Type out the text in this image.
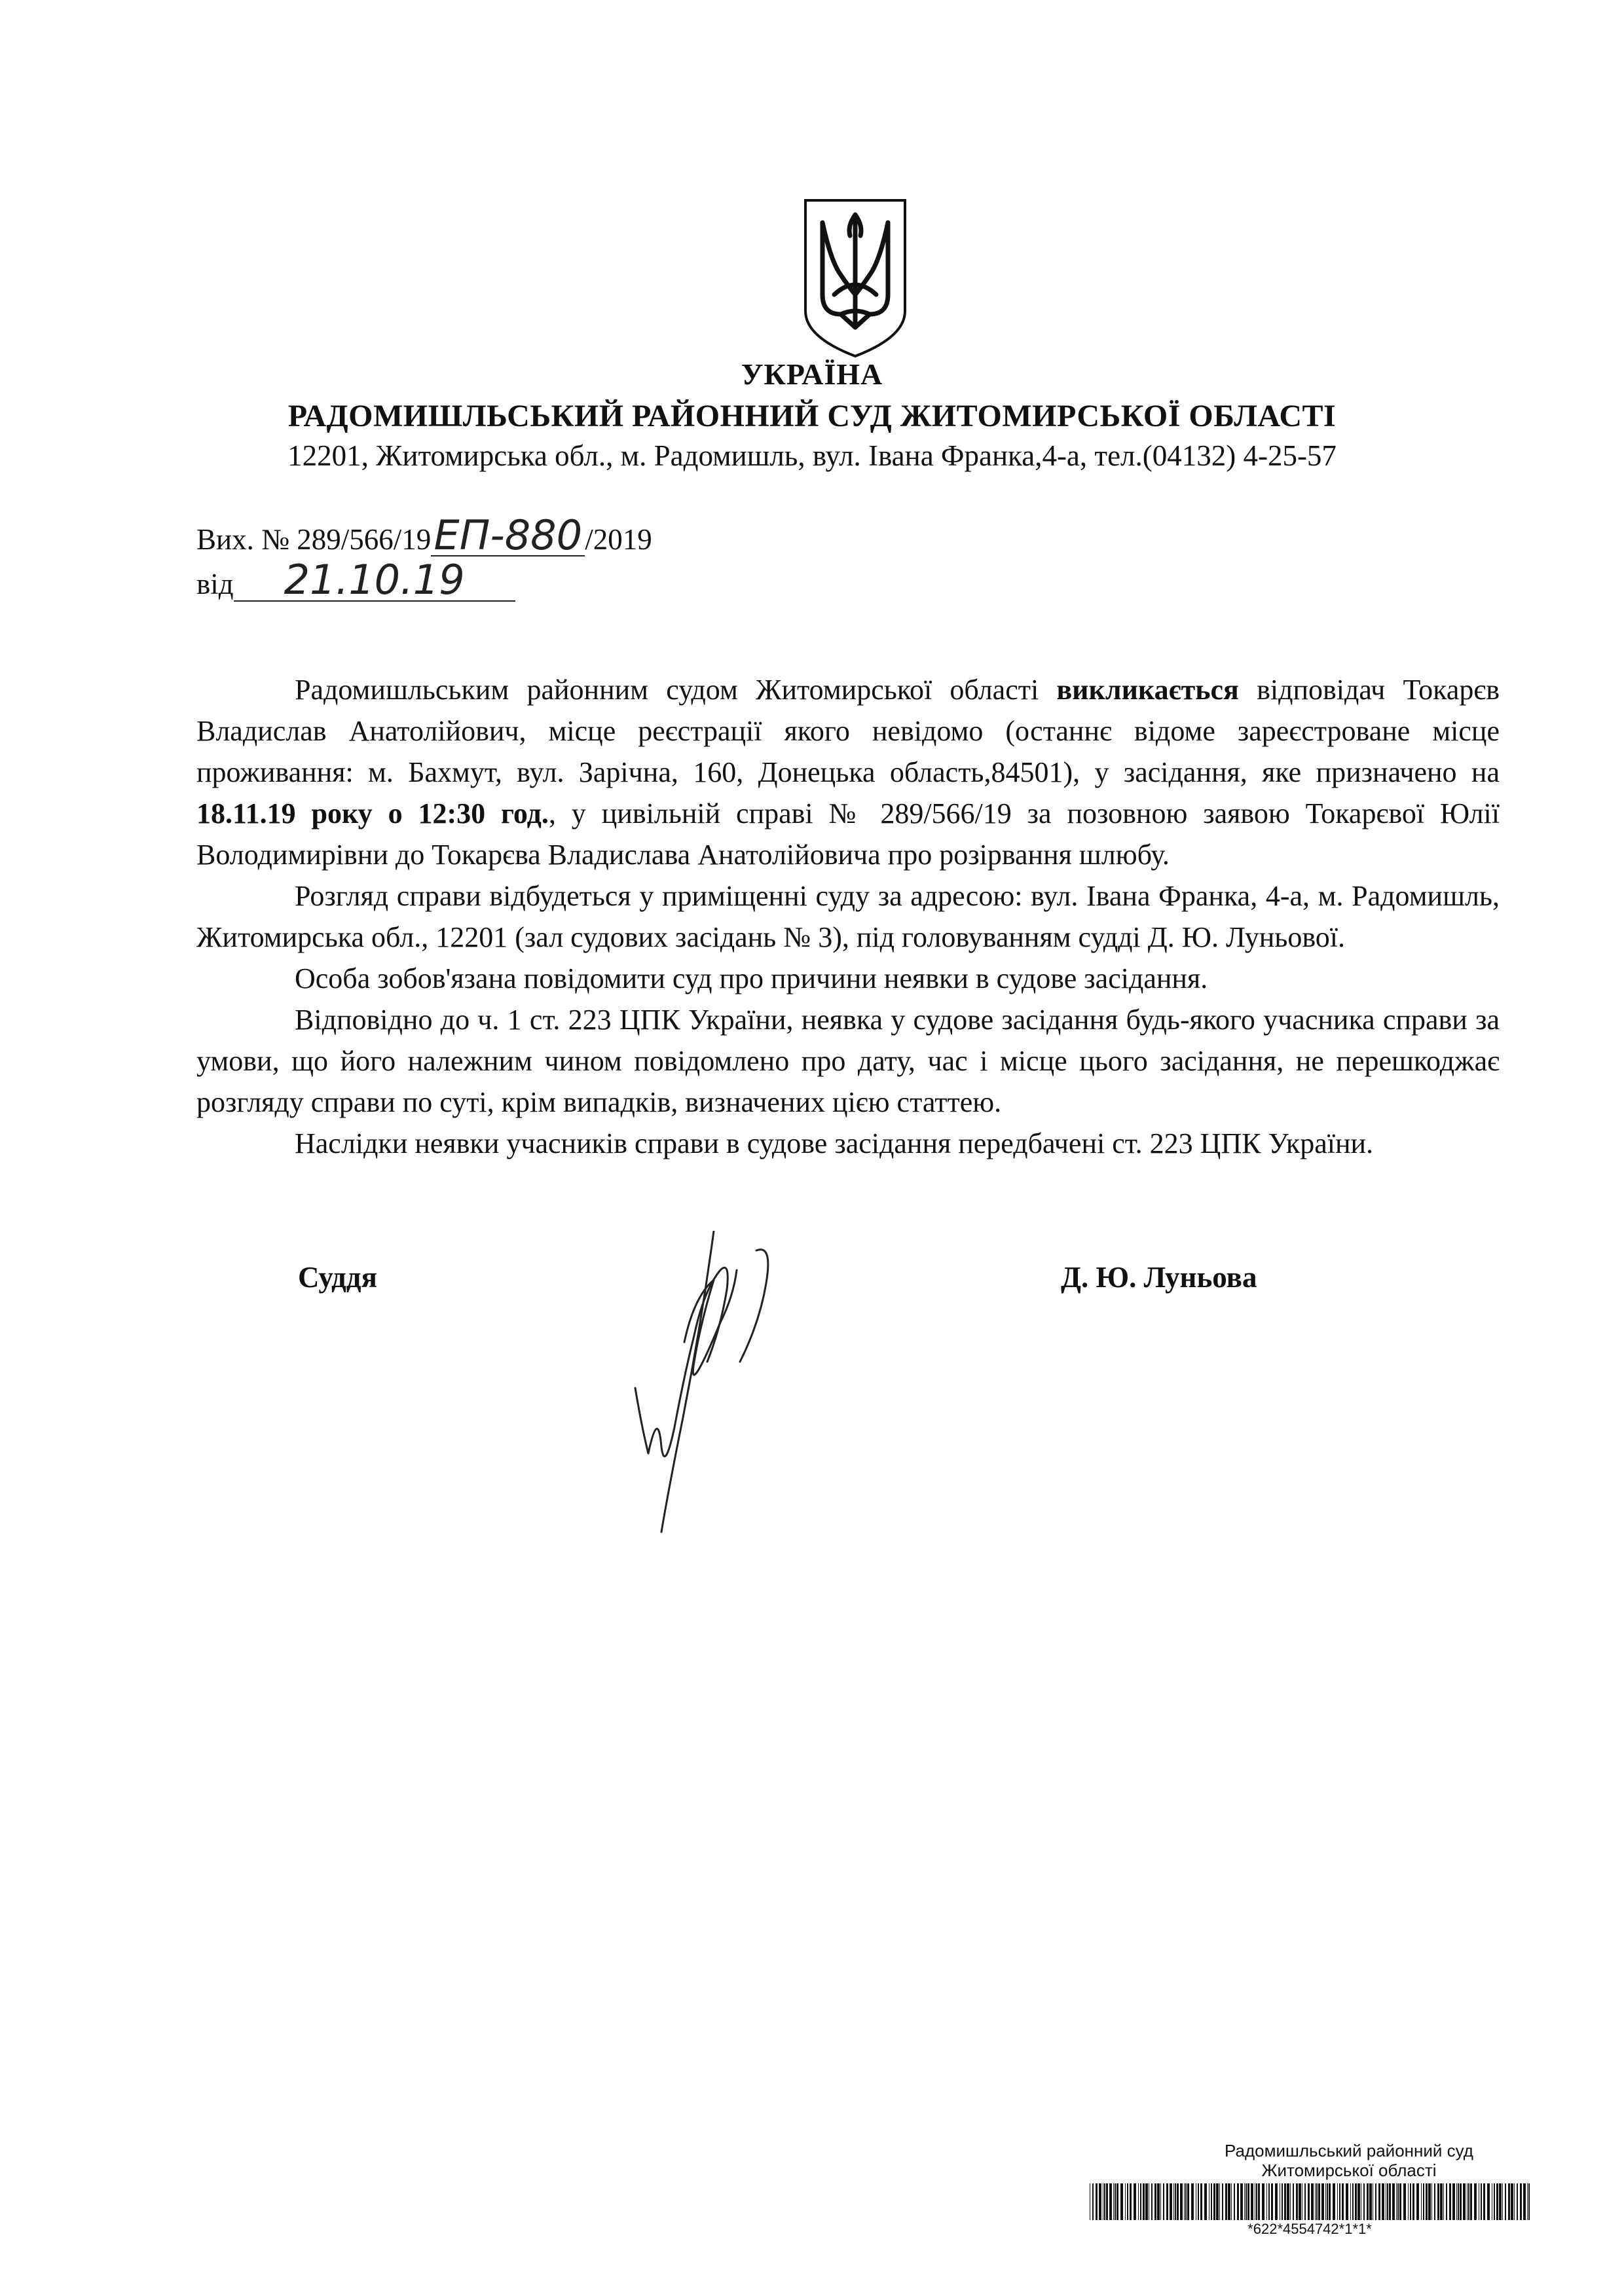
УКРАЇНА
РАДОМИШЛЬСЬКИЙ РАЙОННИЙ СУД ЖИТОМИРСЬКОЇ ОБЛАСТІ
12201, Житомирська обл., м. Радомишль, вул. Івана Франка,4-а, тел.(04132) 4-25-57
Вих. № 289/566/19ЕП-880/2019
від 21.10.19

Радомишльським районним судом Житомирської області викликається відповідач Токарєв Владислав Анатолійович, місце реєстрації якого невідомо (останнє відоме зареєстроване місце проживання: м. Бахмут, вул. Зарічна, 160, Донецька область,84501), у засідання, яке призначено на 18.11.19 року о 12:30 год., у цивільній справі № 289/566/19 за позовною заявою Токарєвої Юлії Володимирівни до Токарєва Владислава Анатолійовича про розірвання шлюбу.

Розгляд справи відбудеться у приміщенні суду за адресою: вул. Івана Франка, 4-а, м. Радомишль, Житомирська обл., 12201 (зал судових засідань № 3), під головуванням судді Д. Ю. Луньової.

Особа зобов'язана повідомити суд про причини неявки в судове засідання.

Відповідно до ч. 1 ст. 223 ЦПК України, неявка у судове засідання будь-якого учасника справи за умови, що його належним чином повідомлено про дату, час і місце цього засідання, не перешкоджає розгляду справи по суті, крім випадків, визначених цією статтею.

Наслідки неявки учасників справи в судове засідання передбачені ст. 223 ЦПК України.

Суддя	Д. Ю. Луньова
Радомишльський районний суд
Житомирської області
*622*4554742*1*1*
